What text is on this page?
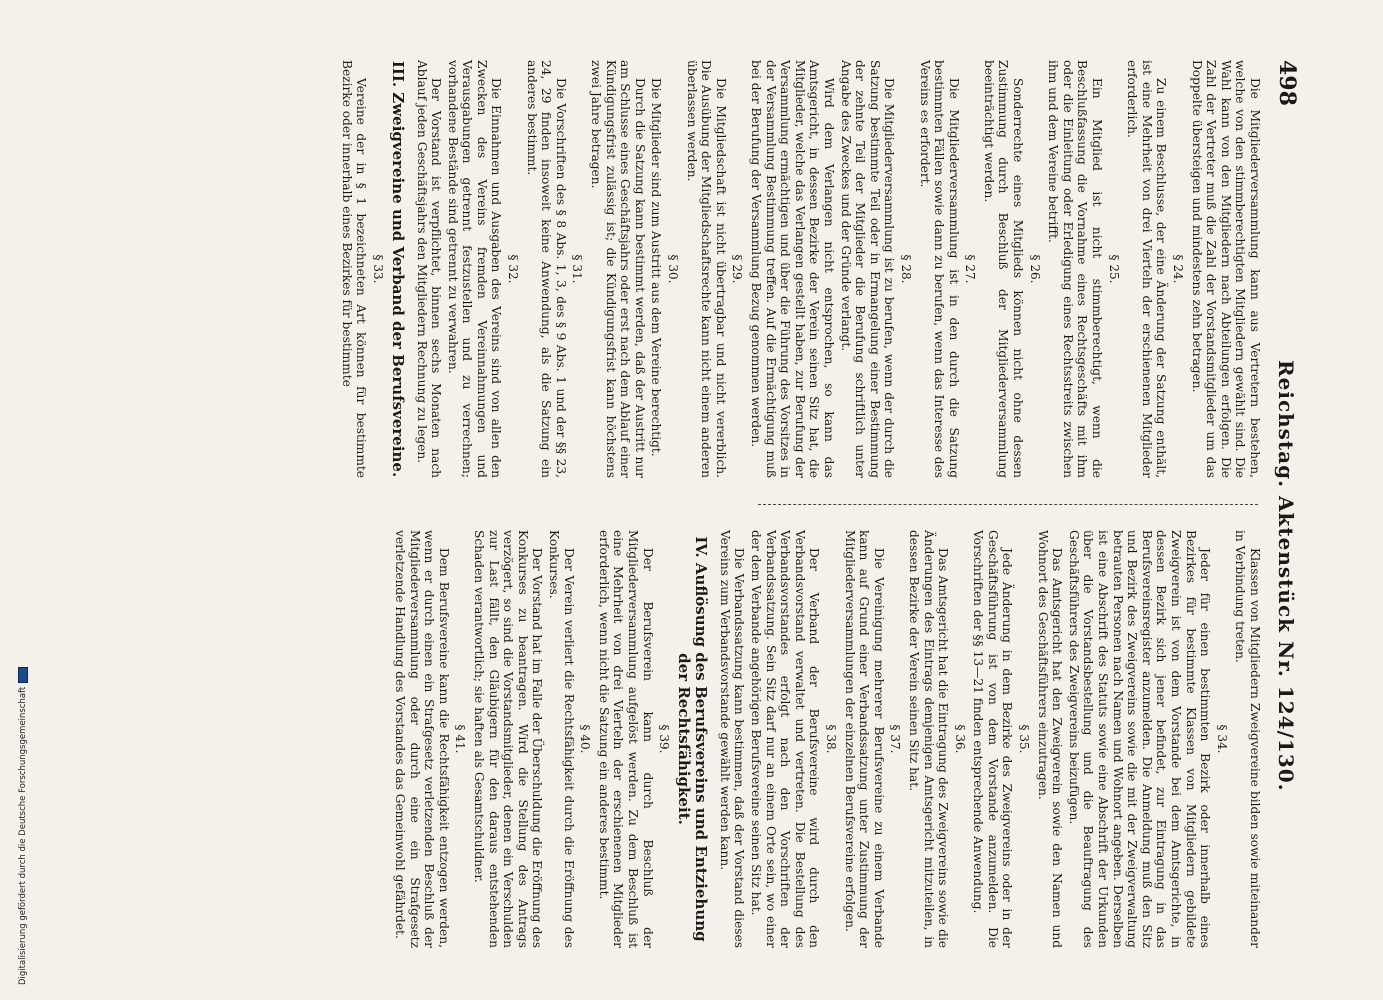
498
Reichstag. Aktenstück Nr. 124/130.

Die Mitgliederversammlung kann aus Vertretern bestehen, welche von den stimmberechtigten Mitgliedern gewählt sind. Die Wahl kann von den Mitgliedern nach Abteilungen erfolgen. Die Zahl der Vertreter muß die Zahl der Vorstandsmitglieder um das Doppelte übersteigen und mindestens zehn betragen.

§ 24.

Zu einem Beschlusse, der eine Änderung der Satzung enthält, ist eine Mehrheit von drei Vierteln der erschienenen Mitglieder erforderlich.

§ 25.

Ein Mitglied ist nicht stimmberechtigt, wenn die Beschlußfassung die Vornahme eines Rechtsgeschäfts mit ihm oder die Einleitung oder Erledigung eines Rechtsstreits zwischen ihm und dem Vereine betrifft.

§ 26.

Sonderrechte eines Mitglieds können nicht ohne dessen Zustimmung durch Beschluß der Mitgliederversammlung beeinträchtigt werden.

§ 27.

Die Mitgliederversammlung ist in den durch die Satzung bestimmten Fällen sowie dann zu berufen, wenn das Interesse des Vereins es erfordert.

§ 28.

Die Mitgliederversammlung ist zu berufen, wenn der durch die Satzung bestimmte Teil oder in Ermangelung einer Bestimmung der zehnte Teil der Mitglieder die Berufung schriftlich unter Angabe des Zweckes und der Gründe verlangt.

Wird dem Verlangen nicht entsprochen, so kann das Amtsgericht, in dessen Bezirke der Verein seinen Sitz hat, die Mitglieder, welche das Verlangen gestellt haben, zur Berufung der Versammlung ermächtigen und über die Führung des Vorsitzes in der Versammlung Bestimmung treffen. Auf die Ermächtigung muß bei der Berufung der Versammlung Bezug genommen werden.

§ 29.

Die Mitgliedschaft ist nicht übertragbar und nicht vererblich. Die Ausübung der Mitgliedschaftsrechte kann nicht einem anderen überlassen werden.

§ 30.

Die Mitglieder sind zum Austritt aus dem Vereine berechtigt.

Durch die Satzung kann bestimmt werden, daß der Austritt nur am Schlusse eines Geschäftsjahrs oder erst nach dem Ablauf einer Kündigungsfrist zulässig ist; die Kündigungsfrist kann höchstens zwei Jahre betragen.

§ 31.

Die Vorschriften des § 8 Abs. 1, 3, des § 9 Abs. 1 und der §§ 23, 24, 29 finden insoweit keine Anwendung, als die Satzung ein anderes bestimmt.

§ 32.

Die Einnahmen und Ausgaben des Vereins sind von allen den Zwecken des Vereins fremden Vereinnahmungen und Verausgabungen getrennt festzustellen und zu verrechnen; vorhandene Bestände sind getrennt zu verwahren.

Der Vorstand ist verpflichtet, binnen sechs Monaten nach Ablauf jeden Geschäftsjahrs den Mitgliedern Rechnung zu legen.

III. Zweigvereine und Verband der Berufsvereine.
§ 33.

Vereine der in § 1 bezeichneten Art können für bestimmte Bezirke oder innerhalb eines Bezirkes für bestimmte

Klassen von Mitgliedern Zweigvereine bilden sowie miteinander in Verbindung treten.

§ 34.

Jeder für einen bestimmten Bezirk oder innerhalb eines Bezirkes für bestimmte Klassen von Mitgliedern gebildete Zweigverein ist von dem Vorstande bei dem Amtsgerichte, in dessen Bezirk sich jener befindet, zur Eintragung in das Berufsvereinsregister anzumelden. Die Anmeldung muß den Sitz und Bezirk des Zweigvereins sowie die mit der Zweigverwaltung betrauten Personen nach Namen und Wohnort angeben. Derselben ist eine Abschrift des Statuts sowie eine Abschrift der Urkunden über die Vorstandsbestellung und die Beauftragung des Geschäftsführers des Zweigvereins beizufügen.

Das Amtsgericht hat den Zweigverein sowie den Namen und Wohnort des Geschäftsführers einzutragen.

§ 35.

Jede Änderung in dem Bezirke des Zweigvereins oder in der Geschäftsführung ist von dem Vorstande anzumelden. Die Vorschriften der §§ 13—21 finden entsprechende Anwendung.

§ 36.

Das Amtsgericht hat die Eintragung des Zweigvereins sowie die Änderungen des Eintrags demjenigen Amtsgericht mitzuteilen, in dessen Bezirke der Verein seinen Sitz hat.

§ 37.

Die Vereinigung mehrerer Berufsvereine zu einem Verbande kann auf Grund einer Verbandssatzung unter Zustimmung der Mitgliederversammlungen der einzelnen Berufsvereine erfolgen.

§ 38.

Der Verband der Berufsvereine wird durch den Verbandsvorstand verwaltet und vertreten. Die Bestellung des Verbandsvorstandes erfolgt nach den Vorschriften der Verbandssatzung. Sein Sitz darf nur an einem Orte sein, wo einer der dem Verbande angehörigen Berufsvereine seinen Sitz hat.

Die Verbandssatzung kann bestimmen, daß der Vorstand dieses Vereins zum Verbandsvorstande gewählt werden kann.

IV. Auflösung des Berufsvereins und Entziehung der Rechtsfähigkeit.
§ 39.

Der Berufsverein kann durch Beschluß der Mitgliederversammlung aufgelöst werden. Zu dem Beschluß ist eine Mehrheit von drei Vierteln der erschienenen Mitglieder erforderlich, wenn nicht die Satzung ein anderes bestimmt.

§ 40.

Der Verein verliert die Rechtsfähigkeit durch die Eröffnung des Konkurses.

Der Vorstand hat im Falle der Überschuldung die Eröffnung des Konkurses zu beantragen. Wird die Stellung des Antrags verzögert, so sind die Vorstandsmitglieder, denen ein Verschulden zur Last fällt, den Gläubigern für den daraus entstehenden Schaden verantwortlich; sie haften als Gesamtschuldner.

§ 41.

Dem Berufsvereine kann die Rechtsfähigkeit entzogen werden, wenn er durch einen ein Strafgesetz verletzenden Beschluß der Mitgliederversammlung oder durch eine ein Strafgesetz verletzende Handlung des Vorstandes das Gemeinwohl gefährdet.

Digitalisierung gefördert durch die Deutsche Forschungsgemeinschaft
